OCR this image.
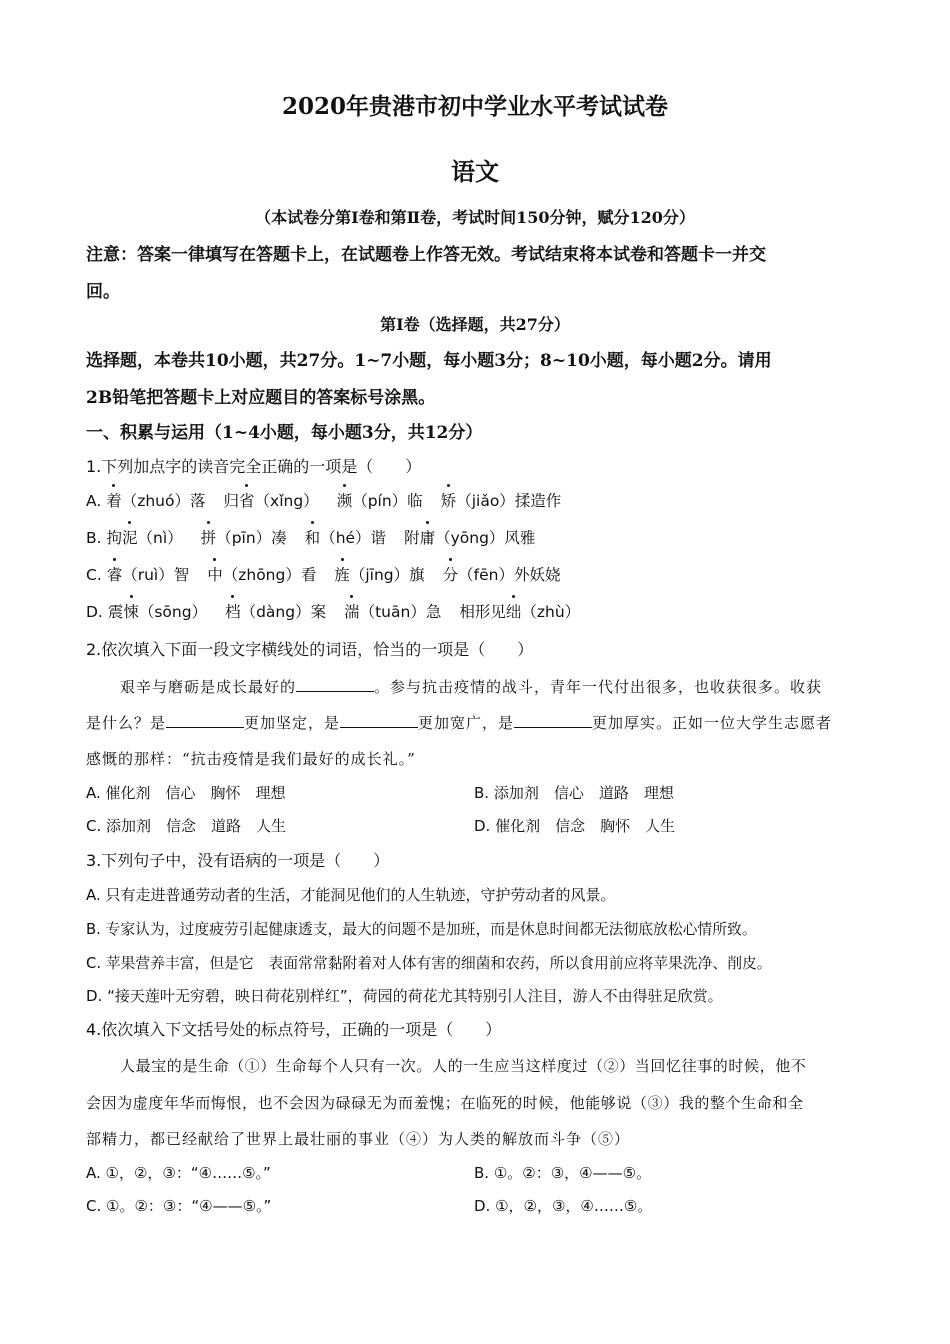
2020年贵港市初中学业水平考试试卷
语文
（本试卷分第Ⅰ卷和第Ⅱ卷，考试时间150分钟，赋分120分）
注意：答案一律填写在答题卡上，在试题卷上作答无效。考试结束将本试卷和答题卡一并交
回。
第Ⅰ卷（选择题，共27分）
选择题，本卷共10小题，共27分。1~7小题，每小题3分；8~10小题，每小题2分。请用
2B铅笔把答题卡上对应题目的答案标号涂黑。
一、积累与运用（1~4小题，每小题3分，共12分）
1.下列加点字的读音完全正确的一项是（　　）
A. 着（zhuó）落 归省（xǐng） 濒（pín）临 矫（jiǎo）揉造作
B. 拘泥（nì） 拼（pīn）凑 和（hé）谐 附庸（yōng）风雅
C. 睿（ruì）智 中（zhōng）看 旌（jīng）旗 分（fēn）外妖娆
D. 震悚（sōng） 档（dàng）案 湍（tuān）急 相形见绌（zhù）
2.依次填入下面一段文字横线处的词语，恰当的一项是（　　）
艰辛与磨砺是成长最好的	。参与抗击疫情的战斗，青年一代付出很多，也收获很多。收获
是什么？是	更加坚定，是	更加宽广，是	更加厚实。正如一位大学生志愿者
感慨的那样：“抗击疫情是我们最好的成长礼。”
A. 催化剂　信心　胸怀　理想	B. 添加剂　信心　道路　理想
C. 添加剂　信念　道路　人生	D. 催化剂　信念　胸怀　人生
3.下列句子中，没有语病的一项是（　　）
A. 只有走进普通劳动者的生活，才能洞见他们的人生轨迹，守护劳动者的风景。
B. 专家认为，过度疲劳引起健康透支，最大的问题不是加班，而是休息时间都无法彻底放松心情所致。
C. 苹果营养丰富，但是它　表面常常黏附着对人体有害的细菌和农药，所以食用前应将苹果洗净、削皮。
D. “接天莲叶无穷碧，映日荷花别样红”，荷园的荷花尤其特别引人注目，游人不由得驻足欣赏。
4.依次填入下文括号处的标点符号，正确的一项是（　　）
人最宝的是生命（①）生命每个人只有一次。人的一生应当这样度过（②）当回忆往事的时候，他不
会因为虚度年华而悔恨，也不会因为碌碌无为而羞愧；在临死的时候，他能够说（③）我的整个生命和全
部精力，都已经献给了世界上最壮丽的事业（④）为人类的解放而斗争（⑤）
A. ①，②，③：“④……⑤。”	B. ①。②：③，④——⑤。
C. ①。②：③：“④——⑤。”	D. ①，②，③，④……⑤。
